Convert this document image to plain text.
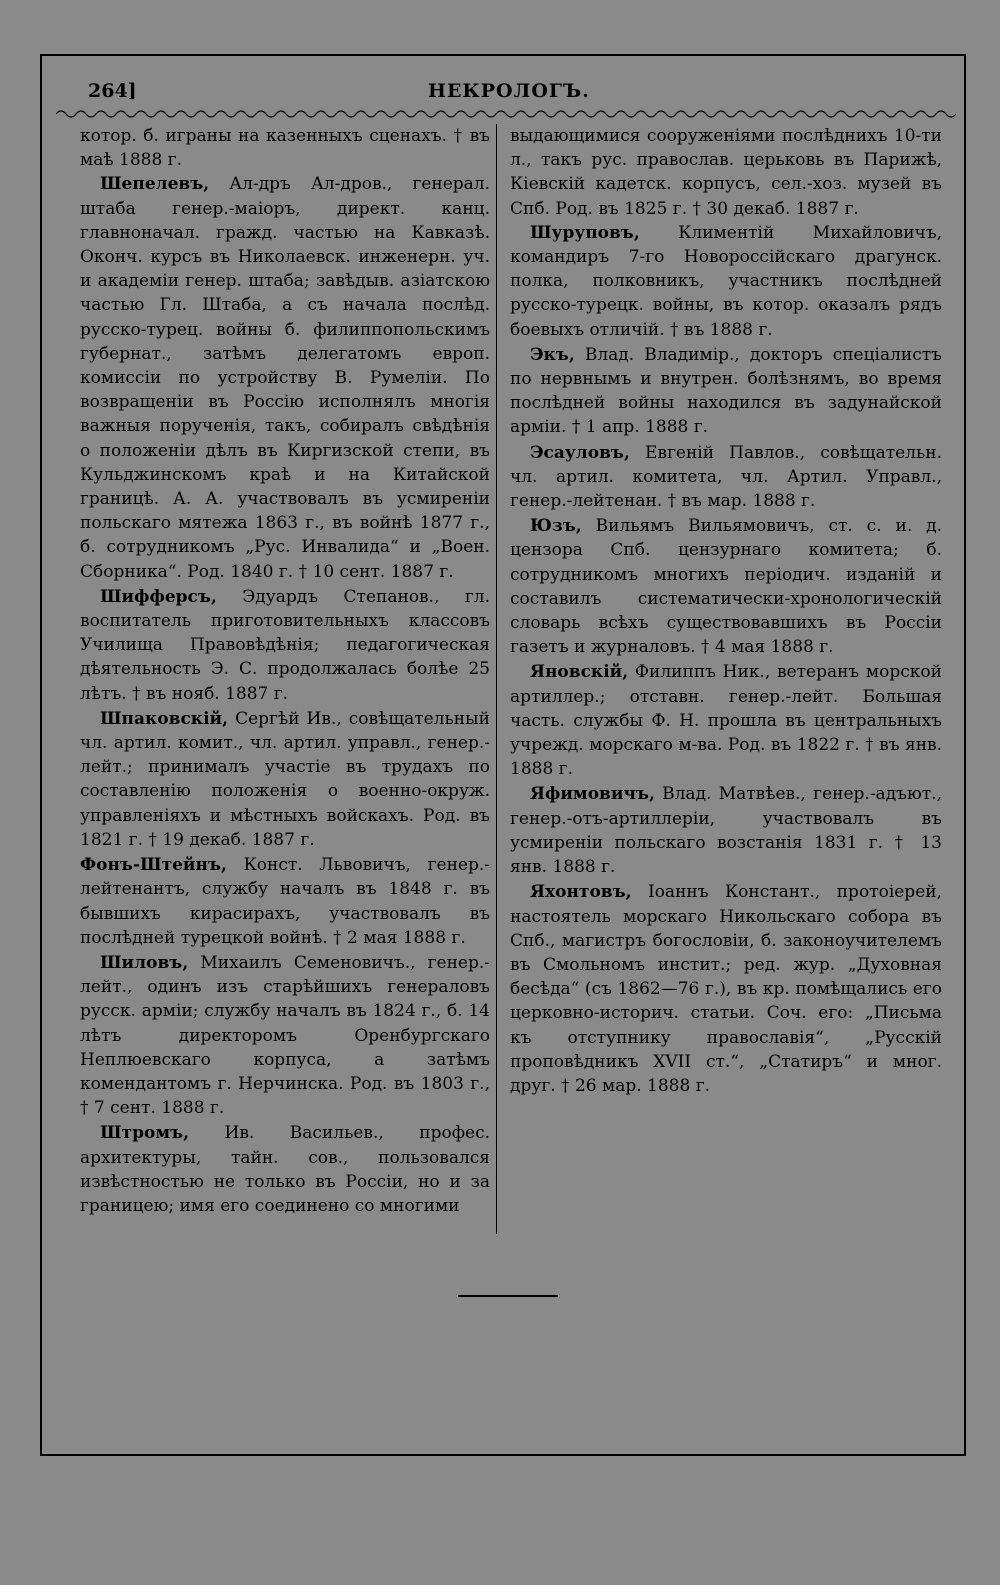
264]	НЕКРОЛОГЪ.

котор. б. играны на казенныхъ сценахъ. † въ маѣ 1888 г.

Шепелевъ, Ал-дръ Ал-дров., генерал. штаба генер.-маіоръ, директ. канц. главноначал. гражд. частью на Кавказѣ. Оконч. курсъ въ Николаевск. инженерн. уч. и академіи генер. штаба; завѣдыв. азіатскою частью Гл. Штаба, а съ начала послѣд. русско-турец. войны б. филиппопольскимъ губернат., затѣмъ делегатомъ европ. комиссіи по устройству В. Румеліи. По возвращеніи въ Россію исполнялъ многія важныя порученія, такъ, собиралъ свѣдѣнія о положеніи дѣлъ въ Киргизской степи, въ Кульджинскомъ краѣ и на Китайской границѣ. А. А. участвовалъ въ усмиреніи польскаго мятежа 1863 г., въ войнѣ 1877 г., б. сотрудникомъ „Рус. Инвалида“ и „Воен. Сборника“. Род. 1840 г. † 10 сент. 1887 г.

Шифферсъ, Эдуардъ Степанов., гл. воспитатель приготовительныхъ классовъ Училища Правовѣдѣнія; педагогическая дѣятельность Э. С. продолжалась болѣе 25 лѣтъ. † въ нояб. 1887 г.

Шпаковскій, Сергѣй Ив., совѣщательный чл. артил. комит., чл. артил. управл., генер.-лейт.; принималъ участіе въ трудахъ по составленію положенія о военно-окруж. управленіяхъ и мѣстныхъ войскахъ. Род. въ 1821 г. † 19 декаб. 1887 г.

Фонъ-Штейнъ, Конст. Львовичъ, генер.-лейтенантъ, службу началъ въ 1848 г. въ бывшихъ кирасирахъ, участвовалъ въ послѣдней турецкой войнѣ. † 2 мая 1888 г.

Шиловъ, Михаилъ Семеновичъ., генер.-лейт., одинъ изъ старѣйшихъ генераловъ русск. арміи; службу началъ въ 1824 г., б. 14 лѣтъ директоромъ Оренбургскаго Неплюевскаго корпуса, а затѣмъ комендантомъ г. Нерчинска. Род. въ 1803 г., † 7 сент. 1888 г.

Штромъ, Ив. Васильев., профес. архитектуры, тайн. сов., пользовался извѣстностью не только въ Россіи, но и за границею; имя его соединено со многими

выдающимися сооруженіями послѣднихъ 10-ти л., такъ рус. православ. церьковь въ Парижѣ, Кіевскій кадетск. корпусъ, сел.-хоз. музей въ Спб. Род. въ 1825 г. † 30 декаб. 1887 г.

Шуруповъ, Климентій Михайловичъ, командиръ 7-го Новороссійскаго драгунск. полка, полковникъ, участникъ послѣдней русско-турецк. войны, въ котор. оказалъ рядъ боевыхъ отличій. † въ 1888 г.

Экъ, Влад. Владимір., докторъ спеціалистъ по нервнымъ и внутрен. болѣзнямъ, во время послѣдней войны находился въ задунайской арміи. † 1 апр. 1888 г.

Эсауловъ, Евгеній Павлов., совѣщательн. чл. артил. комитета, чл. Артил. Управл., генер.-лейтенан. † въ мар. 1888 г.

Юзъ, Вильямъ Вильямовичъ, ст. с. и. д. цензора Спб. цензурнаго комитета; б. сотрудникомъ многихъ періодич. изданій и составилъ систематически-хронологическій словарь всѣхъ существовавшихъ въ Россіи газетъ и журналовъ. † 4 мая 1888 г.

Яновскій, Филиппъ Ник., ветеранъ морской артиллер.; отставн. генер.-лейт. Большая часть. службы Ф. Н. прошла въ центральныхъ учрежд. морскаго м-ва. Род. въ 1822 г. † въ янв. 1888 г.

Яфимовичъ, Влад. Матвѣев., генер.-адъют., генер.-отъ-артиллеріи, участвовалъ въ усмиреніи польскаго возстанія 1831 г. † 13 янв. 1888 г.

Яхонтовъ, Іоаннъ Констант., протоіерей, настоятель морскаго Никольскаго собора въ Спб., магистръ богословіи, б. законоучителемъ въ Смольномъ инстит.; ред. жур. „Духовная бесѣда“ (съ 1862—76 г.), въ кр. помѣщались его церковно-историч. статьи. Соч. его: „Письма къ отступнику православія“, „Русскій проповѣдникъ XVII ст.“, „Статиръ“ и мног. друг. † 26 мар. 1888 г.
